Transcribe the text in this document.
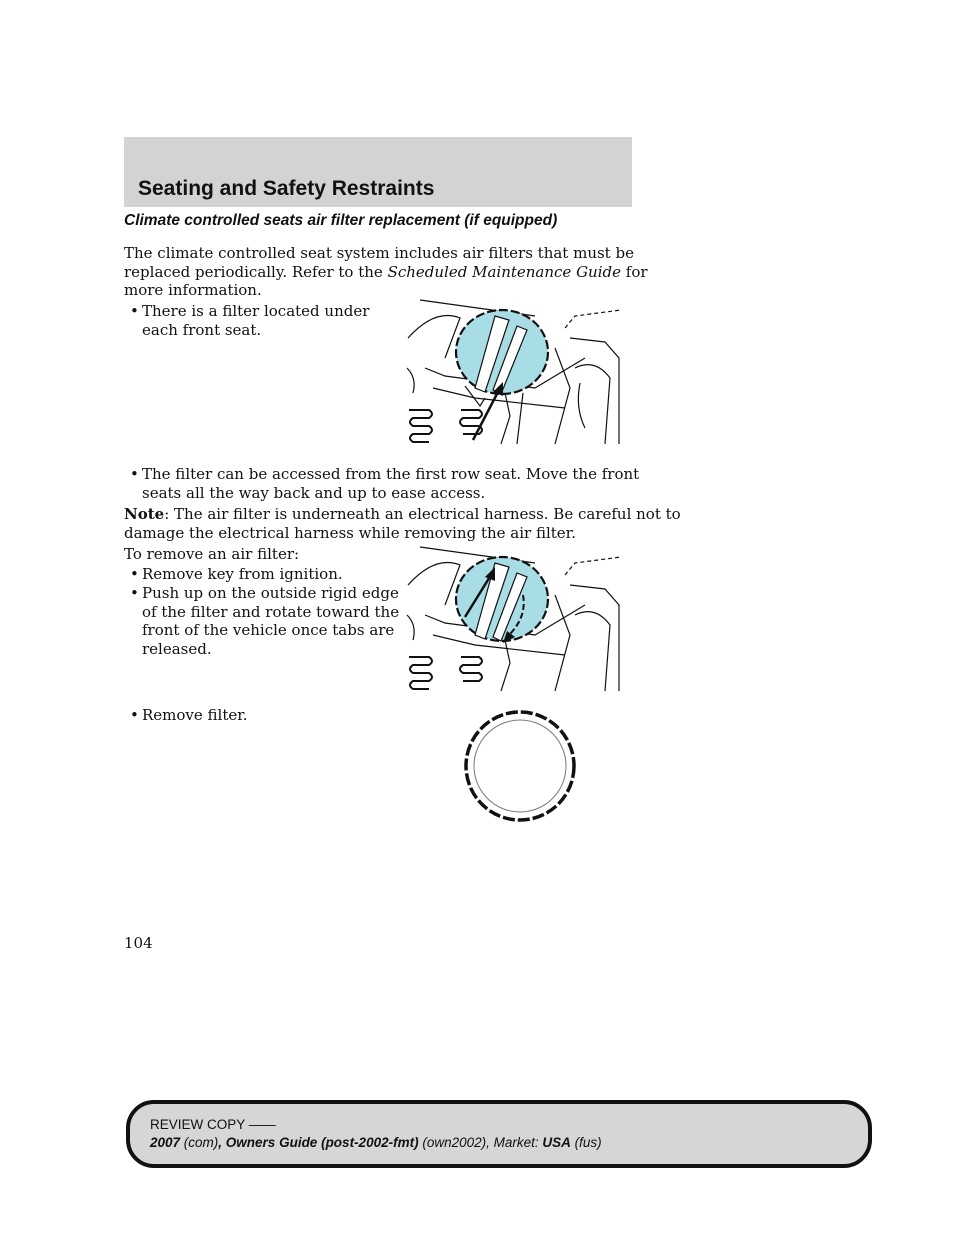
Seating and Safety Restraints
Climate controlled seats air filter replacement (if equipped)
The climate controlled seat system includes air filters that must be
replaced periodically. Refer to the Scheduled Maintenance Guide for
more information.
• There is a filter located under
each front seat.
• The filter can be accessed from the first row seat. Move the front
seats all the way back and up to ease access.
Note: The air filter is underneath an electrical harness. Be careful not to
damage the electrical harness while removing the air filter.
To remove an air filter:
• Remove key from ignition.
• Push up on the outside rigid edge
of the filter and rotate toward the
front of the vehicle once tabs are
released.
• Remove filter.
104
REVIEW COPY ——
2007 (com), Owners Guide (post-2002-fmt) (own2002), Market: USA (fus)
